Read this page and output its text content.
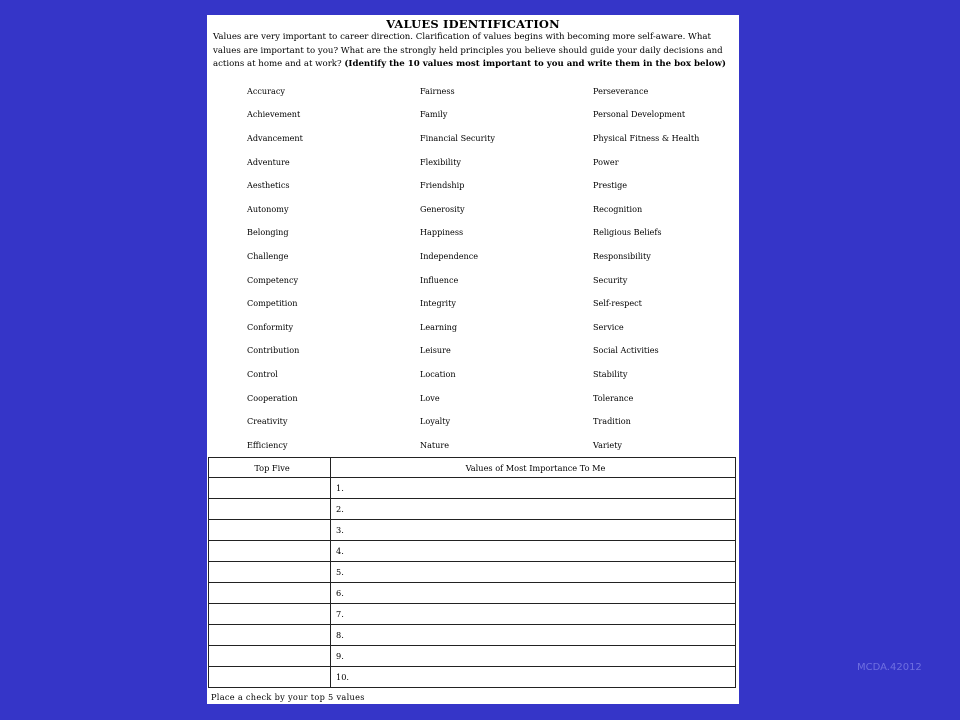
VALUES IDENTIFICATION
Values are very important to career direction. Clarification of values begins with becoming more self-aware. What values are important to you? What are the strongly held principles you believe should guide your daily decisions and actions at home and at work? (Identify the 10 values most important to you and write them in the box below)
Accuracy	Fairness	Perseverance
Achievement	Family	Personal Development
Advancement	Financial Security	Physical Fitness & Health
Adventure	Flexibility	Power
Aesthetics	Friendship	Prestige
Autonomy	Generosity	Recognition
Belonging	Happiness	Religious Beliefs
Challenge	Independence	Responsibility
Competency	Influence	Security
Competition	Integrity	Self-respect
Conformity	Learning	Service
Contribution	Leisure	Social Activities
Control	Location	Stability
Cooperation	Love	Tolerance
Creativity	Loyalty	Tradition
Efficiency	Nature	Variety
Top Five	Values of Most Importance To Me
	1.
	2.
	3.
	4.
	5.
	6.
	7.
	8.
	9.
	10.
Place a check by your top 5 values
MCDA.42012
